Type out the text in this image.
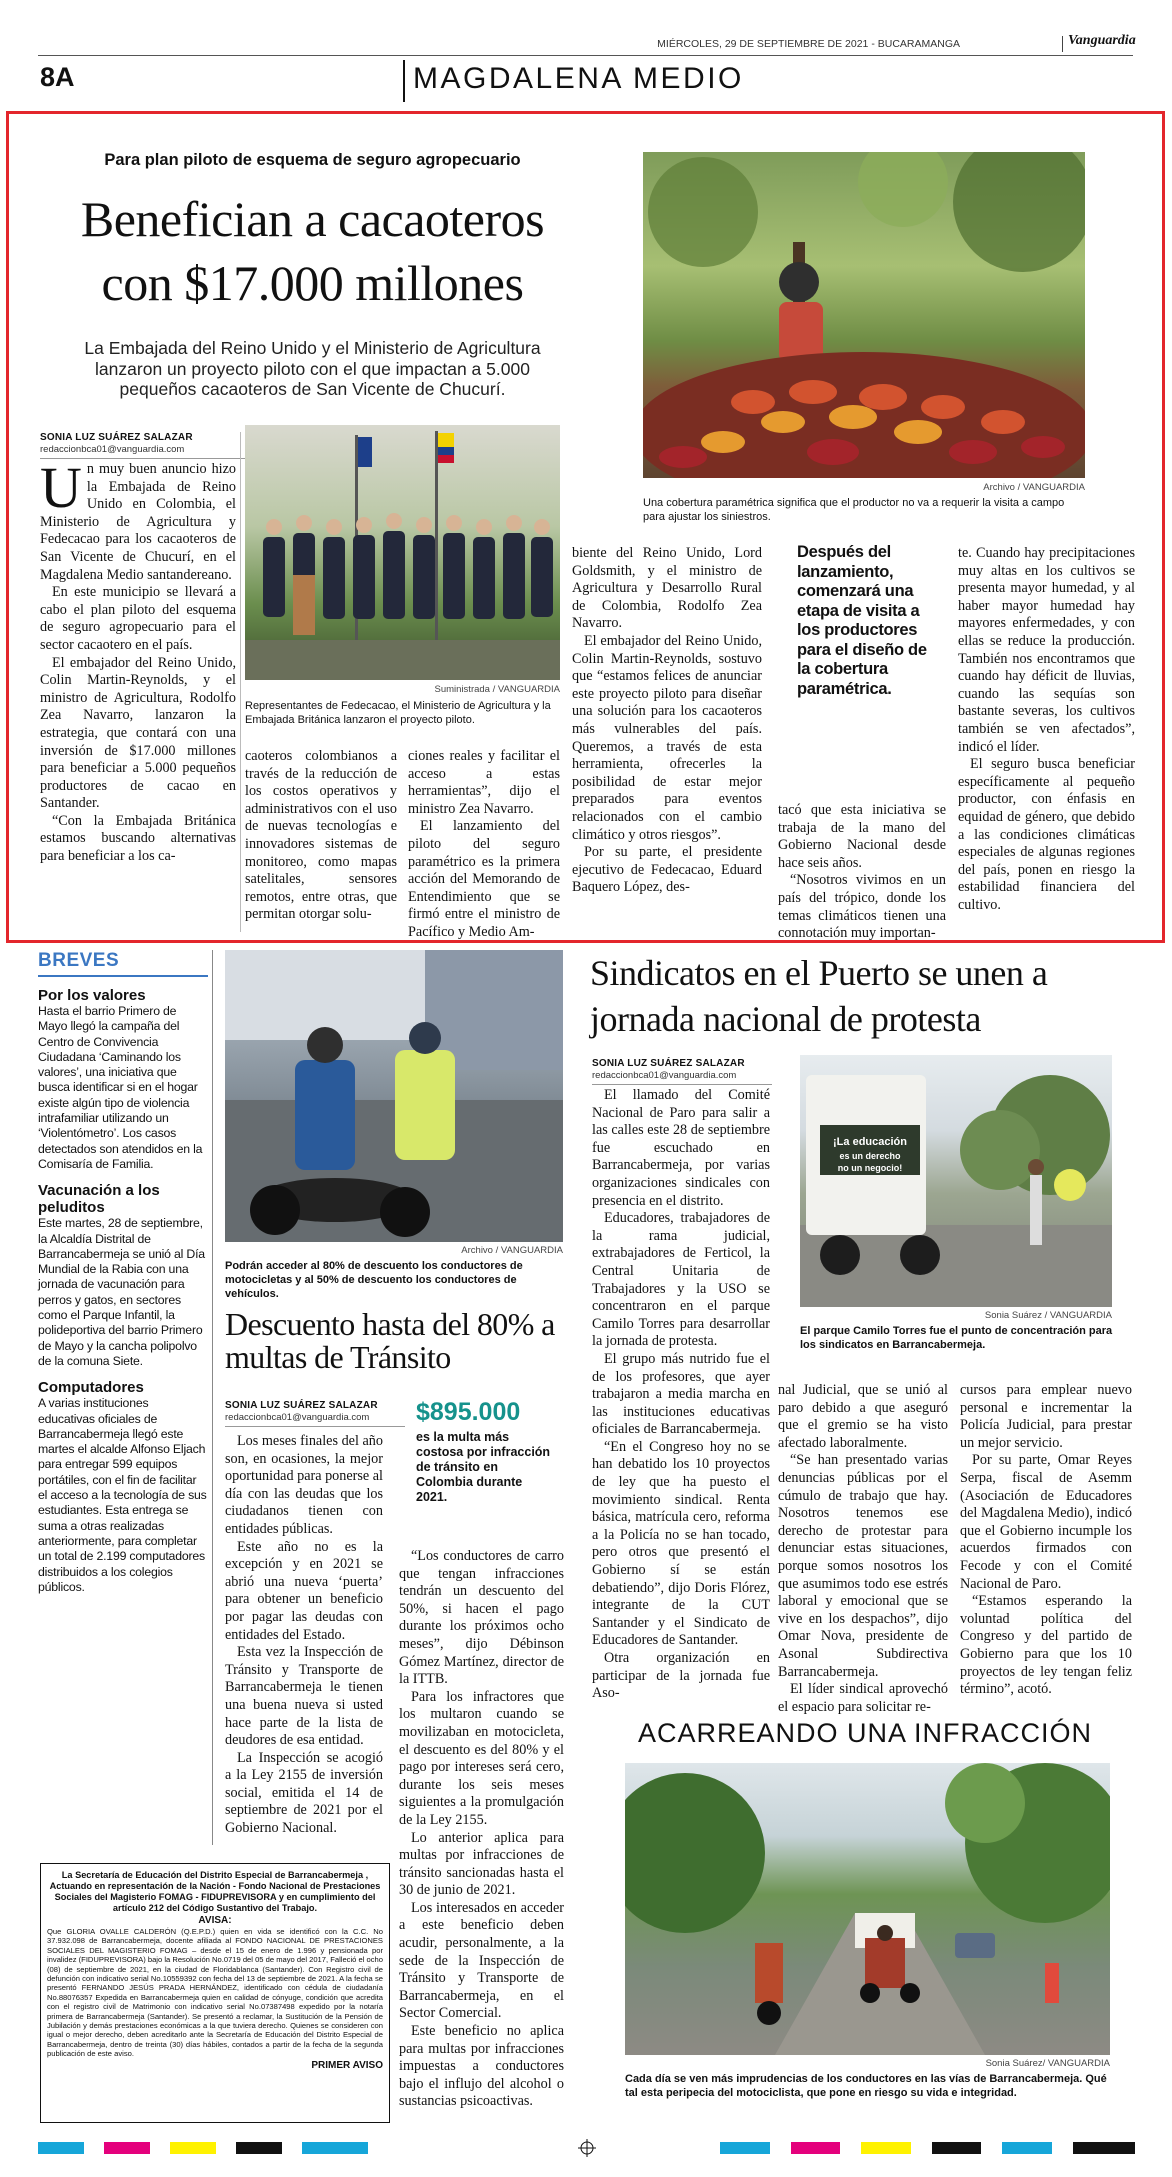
MIÉRCOLES, 29 DE SEPTIEMBRE DE 2021 - BUCARAMANGA	Vanguardia
8A	MAGDALENA MEDIO
Para plan piloto de esquema de seguro agropecuario
Benefician a cacaoteros
con $17.000 millones
La Embajada del Reino Unido y el Ministerio de Agricultura lanzaron un proyecto piloto con el que impactan a 5.000 pequeños cacaoteros de San Vicente de Chucurí.
Archivo / VANGUARDIA
Una cobertura paramétrica significa que el productor no va a requerir la visita a campo para ajustar los siniestros.
SONIA LUZ SUÁREZ SALAZAR
redaccionbca01@vanguardia.com
Suministrada / VANGUARDIA
Representantes de Fedecacao, el Ministerio de Agricultura y la Embajada Británica lanzaron el proyecto piloto.
U n muy buen anuncio hizo la Embajada de Reino Unido en Colombia, el Ministerio de Agricultura y Fedecacao para los cacaoteros de San Vicente de Chucurí, en el Magdalena Medio santandereano.

En este municipio se llevará a cabo el plan piloto del esquema de seguro agropecuario para el sector cacaotero en el país.

El embajador del Reino Unido, Colin Martin-Reynolds, y el ministro de Agricultura, Rodolfo Zea Navarro, lanzaron la estrategia, que contará con una inversión de $17.000 millones para beneficiar a 5.000 pequeños productores de cacao en Santander.

“Con la Embajada Británica estamos buscando alternativas para beneficiar a los ca-

caoteros colombianos a través de la reducción de los costos operativos y administrativos con el uso de nuevas tecnologías e innovadores sistemas de monitoreo, como mapas satelitales, sensores remotos, entre otras, que permitan otorgar solu-

ciones reales y facilitar el acceso a estas herramientas”, dijo el ministro Zea Navarro.

El lanzamiento del piloto del seguro paramétrico es la primera acción del Memorando de Entendimiento que se firmó entre el ministro de Pacífico y Medio Am-

biente del Reino Unido, Lord Goldsmith, y el ministro de Agricultura y Desarrollo Rural de Colombia, Rodolfo Zea Navarro.

El embajador del Reino Unido, Colin Martin-Reynolds, sostuvo que “estamos felices de anunciar este proyecto piloto para diseñar una solución para los cacaoteros más vulnerables del país. Queremos, a través de esta herramienta, ofrecerles la posibilidad de estar mejor preparados para eventos relacionados con el cambio climático y otros riesgos”.

Por su parte, el presidente ejecutivo de Fedecacao, Eduard Baquero López, des-

Después del lanzamiento, comenzará una etapa de visita a los productores para el diseño de la cobertura paramétrica.

tacó que esta iniciativa se trabaja de la mano del Gobierno Nacional desde hace seis años.

“Nosotros vivimos en un país del trópico, donde los temas climáticos tienen una connotación muy importan-

te. Cuando hay precipitaciones muy altas en los cultivos se presenta mayor humedad, y al haber mayor humedad hay mayores enfermedades, y con ellas se reduce la producción. También nos encontramos que cuando hay déficit de lluvias, cuando las sequías son bastante severas, los cultivos también se ven afectados”, indicó el líder.

El seguro busca beneficiar específicamente al pequeño productor, con énfasis en equidad de género, que debido a las condiciones climáticas especiales de algunas regiones del país, ponen en riesgo la estabilidad financiera del cultivo.

BREVES
Por los valores
Hasta el barrio Primero de Mayo llegó la campaña del Centro de Convivencia Ciudadana ‘Caminando los valores’, una iniciativa que busca identificar si en el hogar existe algún tipo de violencia intrafamiliar utilizando un ‘Violentómetro’. Los casos detectados son atendidos en la Comisaría de Familia.
Vacunación a los peluditos
Este martes, 28 de septiembre, la Alcaldía Distrital de Barrancabermeja se unió al Día Mundial de la Rabia con una jornada de vacunación para perros y gatos, en sectores como el Parque Infantil, la polideportiva del barrio Primero de Mayo y la cancha polipolvo de la comuna Siete.
Computadores
A varias instituciones educativas oficiales de Barrancabermeja llegó este martes el alcalde Alfonso Eljach para entregar 599 equipos portátiles, con el fin de facilitar el acceso a la tecnología de sus estudiantes. Esta entrega se suma a otras realizadas anteriormente, para completar un total de 2.199 computadores distribuidos a los colegios públicos.
Archivo / VANGUARDIA
Podrán acceder al 80% de descuento los conductores de motocicletas y al 50% de descuento los conductores de vehículos.
Descuento hasta del 80% a multas de Tránsito
SONIA LUZ SUÁREZ SALAZAR
redaccionbca01@vanguardia.com	$895.000
es la multa más costosa por infracción de tránsito en Colombia durante 2021.

Los meses finales del año son, en ocasiones, la mejor oportunidad para ponerse al día con las deudas que los ciudadanos tienen con entidades públicas.

Este año no es la excepción y en 2021 se abrió una nueva ‘puerta’ para obtener un beneficio por pagar las deudas con entidades del Estado.

Esta vez la Inspección de Tránsito y Transporte de Barrancabermeja le tienen una buena nueva si usted hace parte de la lista de deudores de esa entidad.

La Inspección se acogió a la Ley 2155 de inversión social, emitida el 14 de septiembre de 2021 por el Gobierno Nacional.

“Los conductores de carro que tengan infracciones tendrán un descuento del 50%, si hacen el pago durante los próximos ocho meses”, dijo Débinson Gómez Martínez, director de la ITTB.

Para los infractores que los multaron cuando se movilizaban en motocicleta, el descuento es del 80% y el pago por intereses será cero, durante los seis meses siguientes a la promulgación de la Ley 2155.

Lo anterior aplica para multas por infracciones de tránsito sancionadas hasta el 30 de junio de 2021.

Los interesados en acceder a este beneficio deben acudir, personalmente, a la sede de la Inspección de Tránsito y Transporte de Barrancabermeja, en el Sector Comercial.

Este beneficio no aplica para multas por infracciones impuestas a conductores bajo el influjo del alcohol o sustancias psicoactivas.

La Secretaría de Educación del Distrito Especial de Barrancabermeja , Actuando en representación de la Nación - Fondo Nacional de Prestaciones Sociales del Magisterio FOMAG - FIDUPREVISORA y en cumplimiento del artículo 212 del Código Sustantivo del Trabajo.
AVISA:
Que GLORIA OVALLE CALDERÓN (Q.E.P.D.) quien en vida se identificó con la C.C. No 37.932.098 de Barrancabermeja, docente afiliada al FONDO NACIONAL DE PRESTACIONES SOCIALES DEL MAGISTERIO FOMAG – desde el 15 de enero de 1.996 y pensionada por invalidez (FIDUPREVISORA) bajo la Resolución No.0719 del 05 de mayo del 2017, Falleció el ocho (08) de septiembre de 2021, en la ciudad de Floridablanca (Santander). Con Registro civil de defunción con indicativo serial No.10559392 con fecha del 13 de septiembre de 2021. A la fecha se presentó FERNANDO JESÚS PRADA HERNÁNDEZ, identificado con cédula de ciudadanía No.88076357 Expedida en Barrancabermeja quien en calidad de cónyuge, condición que acredita con el registro civil de Matrimonio con indicativo serial No.07387498 expedido por la notaría primera de Barrancabermeja (Santander). Se presentó a reclamar, la Sustitución de la Pensión de Jubilación y demás prestaciones económicas a la que tuviera derecho. Quienes se consideren con igual o mejor derecho, deben acreditarlo ante la Secretaría de Educación del Distrito Especial de Barrancabermeja, dentro de treinta (30) días hábiles, contados a partir de la fecha de la segunda publicación de este aviso.
PRIMER AVISO
Sindicatos en el Puerto se unen a jornada nacional de protesta
SONIA LUZ SUÁREZ SALAZAR
redaccionbca01@vanguardia.com
¡La educación
es un derecho
no un negocio!
Sonia Suárez / VANGUARDIA
El parque Camilo Torres fue el punto de concentración para los sindicatos en Barrancabermeja.

El llamado del Comité Nacional de Paro para salir a las calles este 28 de septiembre fue escuchado en Barrancabermeja, por varias organizaciones sindicales con presencia en el distrito.

Educadores, trabajadores de la rama judicial, extrabajadores de Ferticol, la Central Unitaria de Trabajadores y la USO se concentraron en el parque Camilo Torres para desarrollar la jornada de protesta.

El grupo más nutrido fue el de los profesores, que ayer trabajaron a media marcha en las instituciones educativas oficiales de Barrancabermeja.

“En el Congreso hoy no se han debatido los 10 proyectos de ley que ha puesto el movimiento sindical. Renta básica, matrícula cero, reforma a la Policía no se han tocado, pero otros que presentó el Gobierno sí se están debatiendo”, dijo Doris Flórez, integrante de la CUT Santander y el Sindicato de Educadores de Santander.

Otra organización en participar de la jornada fue Aso-

nal Judicial, que se unió al paro debido a que aseguró que el gremio se ha visto afectado laboralmente.

“Se han presentado varias denuncias públicas por el cúmulo de trabajo que hay. Nosotros tenemos ese derecho de protestar para denunciar estas situaciones, porque somos nosotros los que asumimos todo ese estrés laboral y emocional que se vive en los despachos”, dijo Omar Nova, presidente de Asonal Subdirectiva Barrancabermeja.

El líder sindical aprovechó el espacio para solicitar re-

cursos para emplear nuevo personal e incrementar la Policía Judicial, para prestar un mejor servicio.

Por su parte, Omar Reyes Serpa, fiscal de Asemm (Asociación de Educadores del Magdalena Medio), indicó que el Gobierno incumple los acuerdos firmados con Fecode y con el Comité Nacional de Paro.

“Estamos esperando la voluntad política del Congreso y del partido de Gobierno para que los 10 proyectos de ley tengan feliz término”, acotó.

ACARREANDO UNA INFRACCIÓN
Sonia Suárez/ VANGUARDIA
Cada día se ven más imprudencias de los conductores en las vías de Barrancabermeja. Qué tal esta peripecia del motociclista, que pone en riesgo su vida e integridad.
